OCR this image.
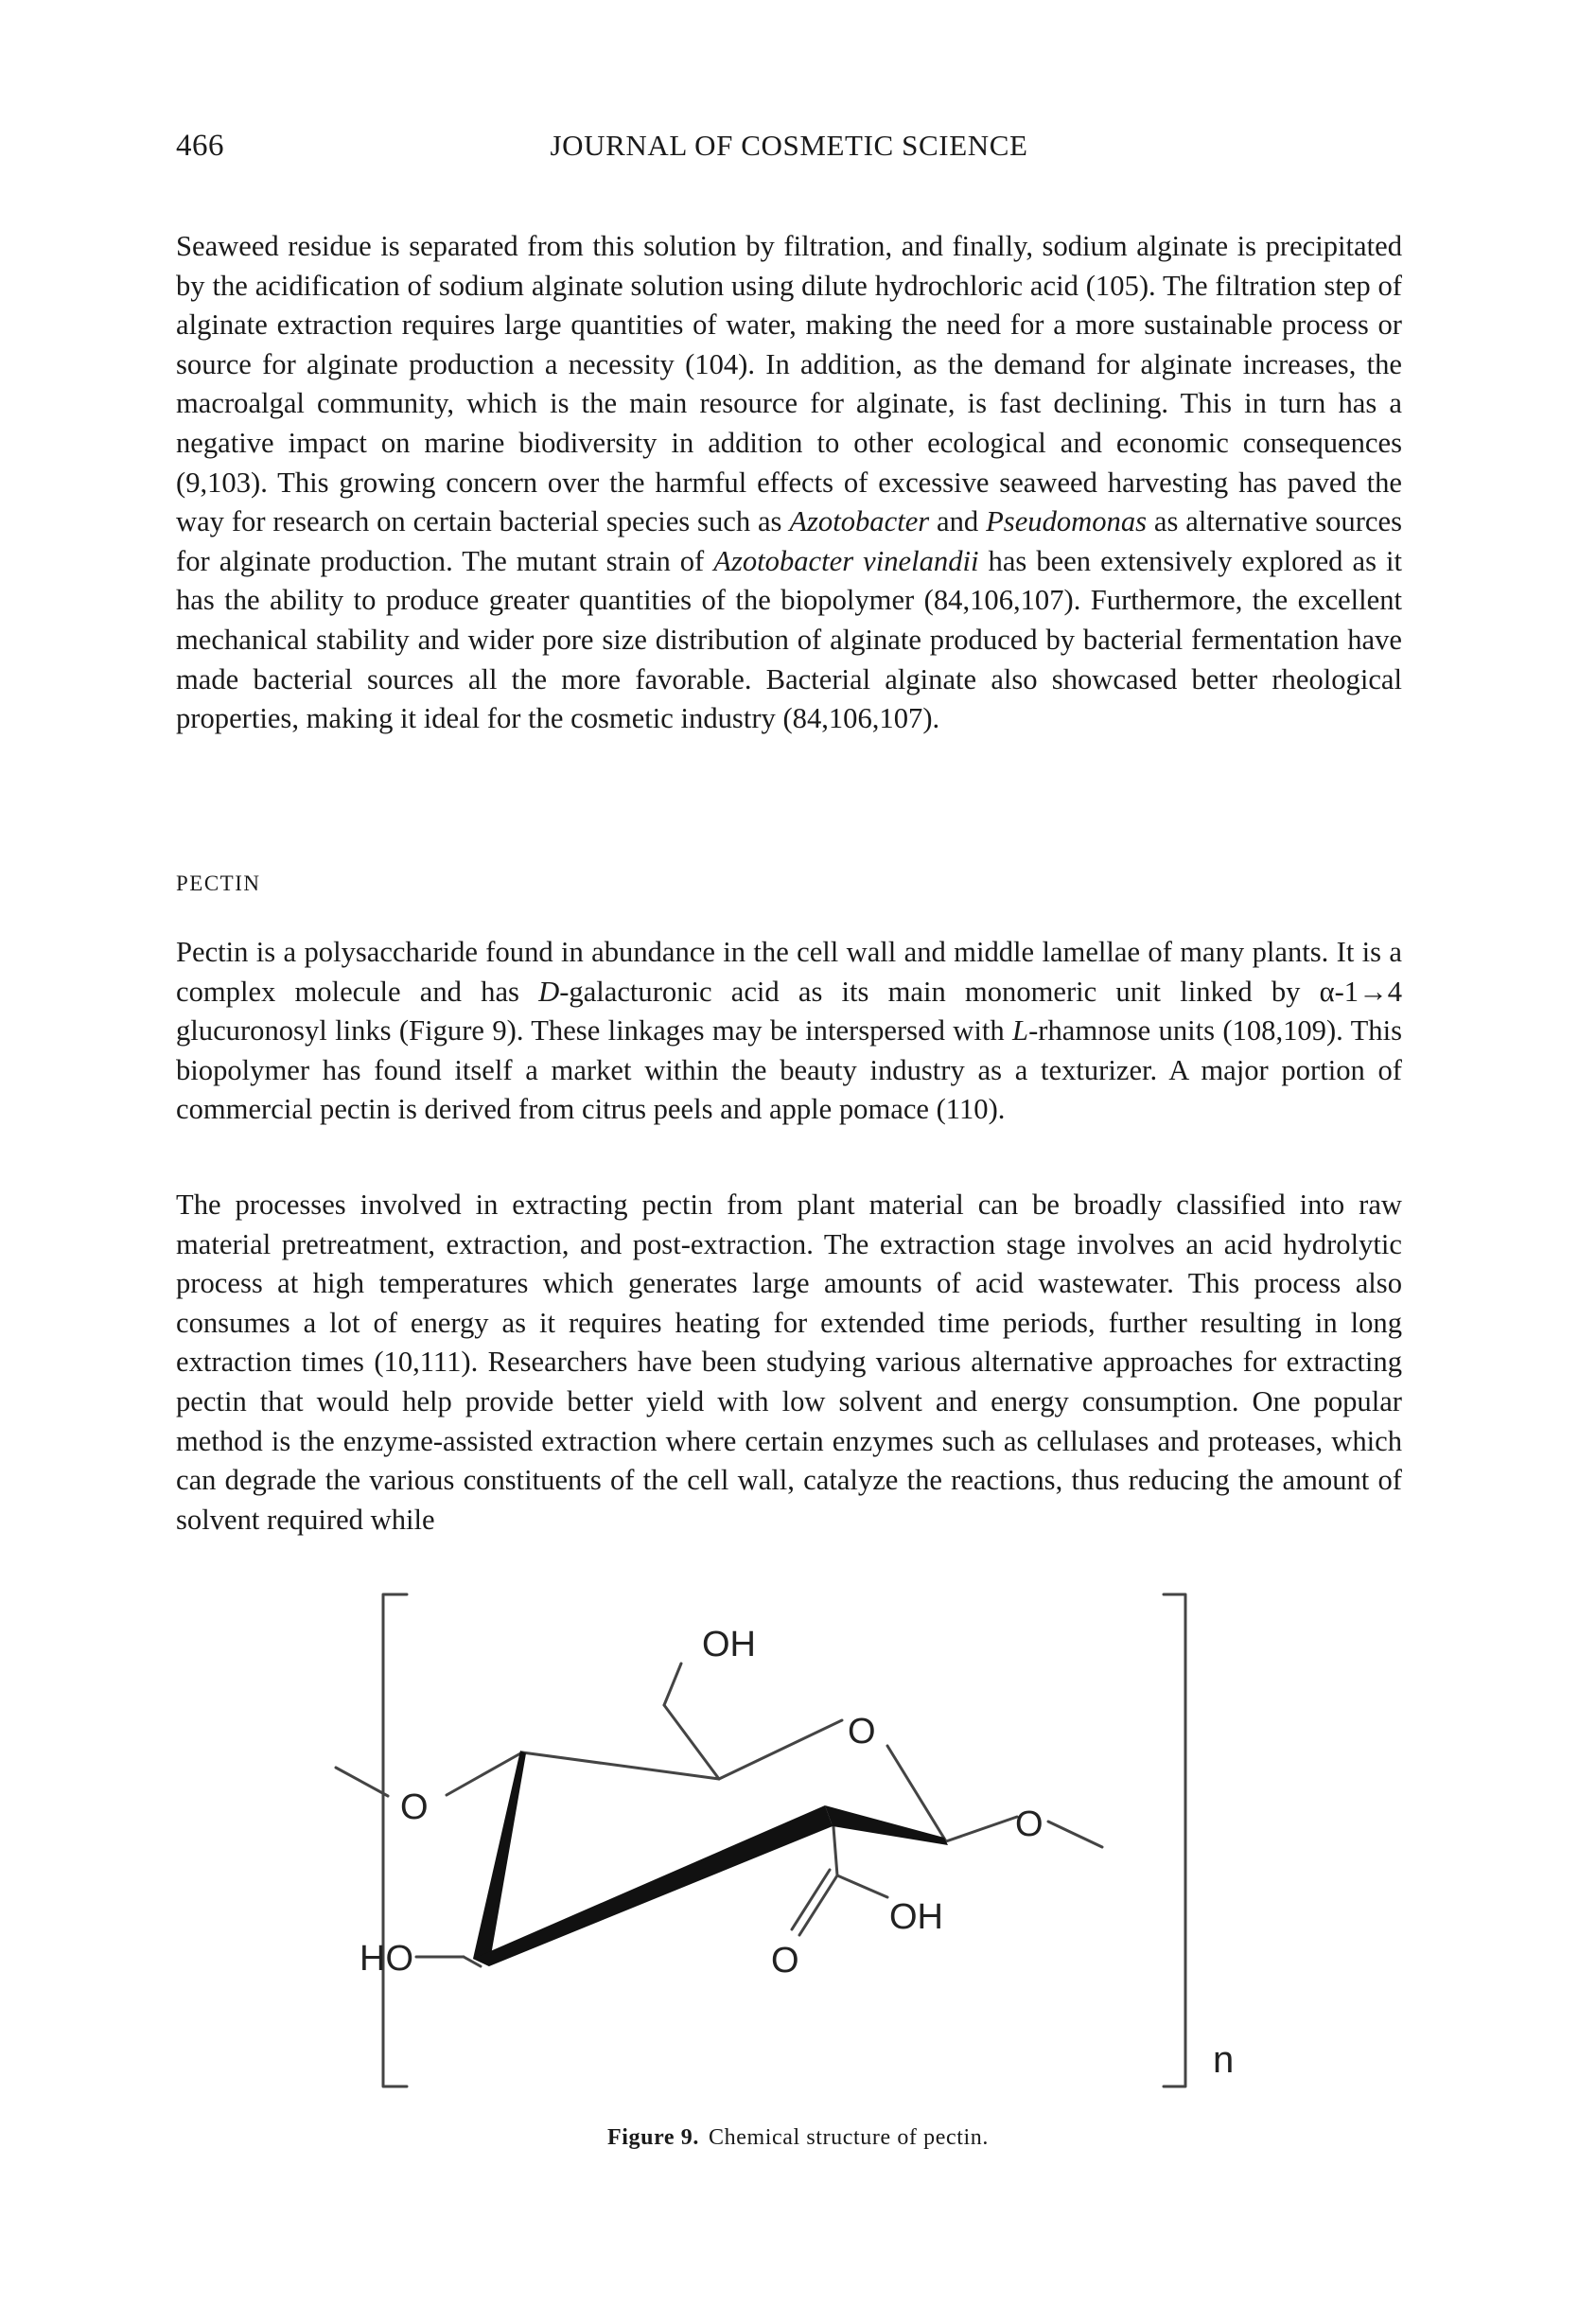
466	JOURNAL OF COSMETIC SCIENCE

Seaweed residue is separated from this solution by filtration, and finally, sodium alginate is precipitated by the acidification of sodium alginate solution using dilute hydrochloric acid (105). The filtration step of alginate extraction requires large quantities of water, making the need for a more sustainable process or source for alginate production a necessity (104). In addition, as the demand for alginate increases, the macroalgal community, which is the main resource for alginate, is fast declining. This in turn has a negative impact on marine biodiversity in addition to other ecological and economic consequences (9,103). This growing concern over the harmful effects of excessive seaweed harvesting has paved the way for research on certain bacterial species such as Azotobacter and Pseudomonas as alternative sources for alginate production. The mutant strain of Azotobacter vinelandii has been extensively explored as it has the ability to produce greater quantities of the biopolymer (84,106,107). Furthermore, the excellent mechanical stability and wider pore size distribution of alginate produced by bacterial fermentation have made bacterial sources all the more favorable. Bacterial alginate also showcased better rheological properties, making it ideal for the cosmetic industry (84,106,107).

PECTIN

Pectin is a polysaccharide found in abundance in the cell wall and middle lamellae of many plants. It is a complex molecule and has D-galacturonic acid as its main monomeric unit linked by α-1→4 glucuronosyl links (Figure 9). These linkages may be interspersed with L-rhamnose units (108,109). This biopolymer has found itself a market within the beauty industry as a texturizer. A major portion of commercial pectin is derived from citrus peels and apple pomace (110).

The processes involved in extracting pectin from plant material can be broadly classified into raw material pretreatment, extraction, and post-extraction. The extraction stage involves an acid hydrolytic process at high temperatures which generates large amounts of acid wastewater. This process also consumes a lot of energy as it requires heating for extended time periods, further resulting in long extraction times (10,111). Researchers have been studying various alternative approaches for extracting pectin that would help provide better yield with low solvent and energy consumption. One popular method is the enzyme-assisted extraction where certain enzymes such as cellulases and proteases, which can degrade the various constituents of the cell wall, catalyze the reactions, thus reducing the amount of solvent required while

OH
O
O	O
HO	O
OH
n
Figure 9. Chemical structure of pectin.
